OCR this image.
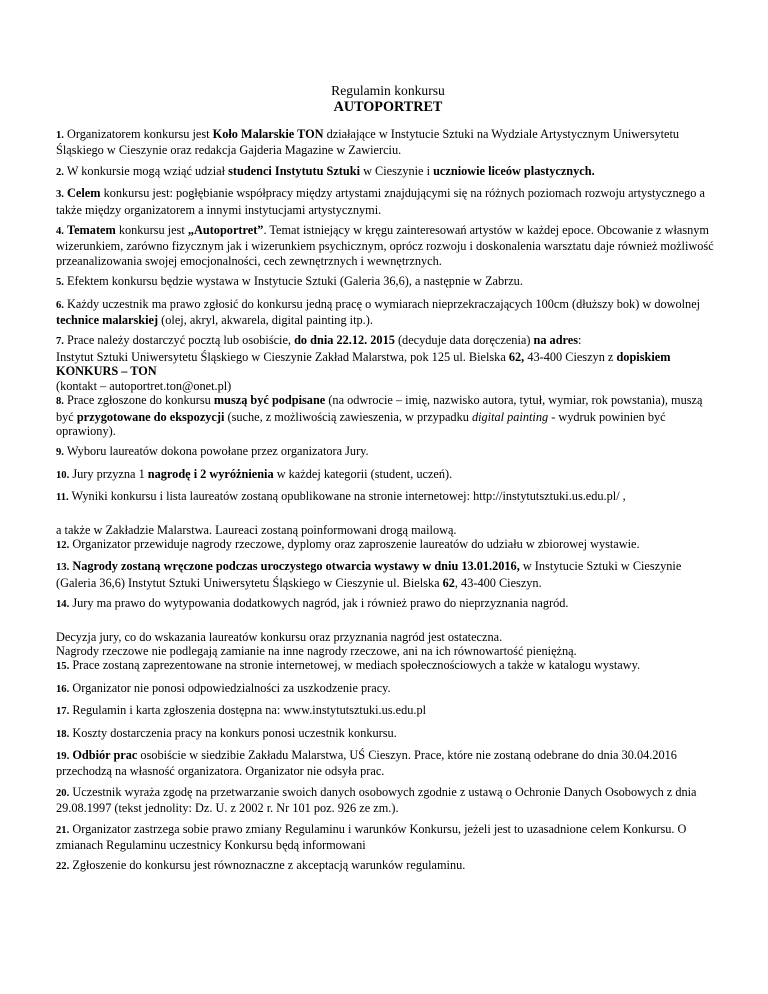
Regulamin konkursu
AUTOPORTRET

1. Organizatorem konkursu jest Koło Malarskie TON działające w Instytucie Sztuki na Wydziale Artystycznym Uniwersytetu Śląskiego w Cieszynie oraz redakcja Gajderia Magazine w Zawierciu.

2. W konkursie mogą wziąć udział studenci Instytutu Sztuki w Cieszynie i uczniowie liceów plastycznych.

3. Celem konkursu jest: pogłębianie współpracy między artystami znajdującymi się na różnych poziomach rozwoju artystycznego a także między organizatorem a innymi instytucjami artystycznymi.

4. Tematem konkursu jest „Autoportret”. Temat istniejący w kręgu zainteresowań artystów w każdej epoce. Obcowanie z własnym wizerunkiem, zarówno fizycznym jak i wizerunkiem psychicznym, oprócz rozwoju i doskonalenia warsztatu daje również możliwość przeanalizowania swojej emocjonalności, cech zewnętrznych i wewnętrznych.

5. Efektem konkursu będzie wystawa w Instytucie Sztuki (Galeria 36,6), a następnie w Zabrzu.

6. Każdy uczestnik ma prawo zgłosić do konkursu jedną pracę o wymiarach nieprzekraczających 100cm (dłuższy bok) w dowolnej technice malarskiej (olej, akryl, akwarela, digital painting itp.).

7. Prace należy dostarczyć pocztą lub osobiście, do dnia 22.12. 2015 (decyduje data doręczenia) na adres:
Instytut Sztuki Uniwersytetu Śląskiego w Cieszynie Zakład Malarstwa, pok 125 ul. Bielska 62, 43-400 Cieszyn z dopiskiem KONKURS – TON
(kontakt – autoportret.ton@onet.pl)

8. Prace zgłoszone do konkursu muszą być podpisane (na odwrocie – imię, nazwisko autora, tytuł, wymiar, rok powstania), muszą być przygotowane do ekspozycji (suche, z możliwością zawieszenia, w przypadku digital painting - wydruk powinien być oprawiony).

9. Wyboru laureatów dokona powołane przez organizatora Jury.

10. Jury przyzna 1 nagrodę i 2 wyróżnienia w każdej kategorii (student, uczeń).

11. Wyniki konkursu i lista laureatów zostaną opublikowane na stronie internetowej: http://instytutsztuki.us.edu.pl/ ,

a także w Zakładzie Malarstwa. Laureaci zostaną poinformowani drogą mailową.

12. Organizator przewiduje nagrody rzeczowe, dyplomy oraz zaproszenie laureatów do udziału w zbiorowej wystawie.

13. Nagrody zostaną wręczone podczas uroczystego otwarcia wystawy w dniu 13.01.2016, w Instytucie Sztuki w Cieszynie (Galeria 36,6) Instytut Sztuki Uniwersytetu Śląskiego w Cieszynie ul. Bielska 62, 43-400 Cieszyn.

14. Jury ma prawo do wytypowania dodatkowych nagród, jak i również prawo do nieprzyznania nagród.

Decyzja jury, co do wskazania laureatów konkursu oraz przyznania nagród jest ostateczna.
Nagrody rzeczowe nie podlegają zamianie na inne nagrody rzeczowe, ani na ich równowartość pieniężną.

15. Prace zostaną zaprezentowane na stronie internetowej, w mediach społecznościowych a także w katalogu wystawy.

16. Organizator nie ponosi odpowiedzialności za uszkodzenie pracy.

17. Regulamin i karta zgłoszenia dostępna na: www.instytutsztuki.us.edu.pl

18. Koszty dostarczenia pracy na konkurs ponosi uczestnik konkursu.

19. Odbiór prac osobiście w siedzibie Zakładu Malarstwa, UŚ Cieszyn. Prace, które nie zostaną odebrane do dnia 30.04.2016 przechodzą na własność organizatora. Organizator nie odsyła prac.

20. Uczestnik wyraża zgodę na przetwarzanie swoich danych osobowych zgodnie z ustawą o Ochronie Danych Osobowych z dnia 29.08.1997 (tekst jednolity: Dz. U. z 2002 r. Nr 101 poz. 926 ze zm.).

21. Organizator zastrzega sobie prawo zmiany Regulaminu i warunków Konkursu, jeżeli jest to uzasadnione celem Konkursu. O zmianach Regulaminu uczestnicy Konkursu będą informowani

22. Zgłoszenie do konkursu jest równoznaczne z akceptacją warunków regulaminu.
